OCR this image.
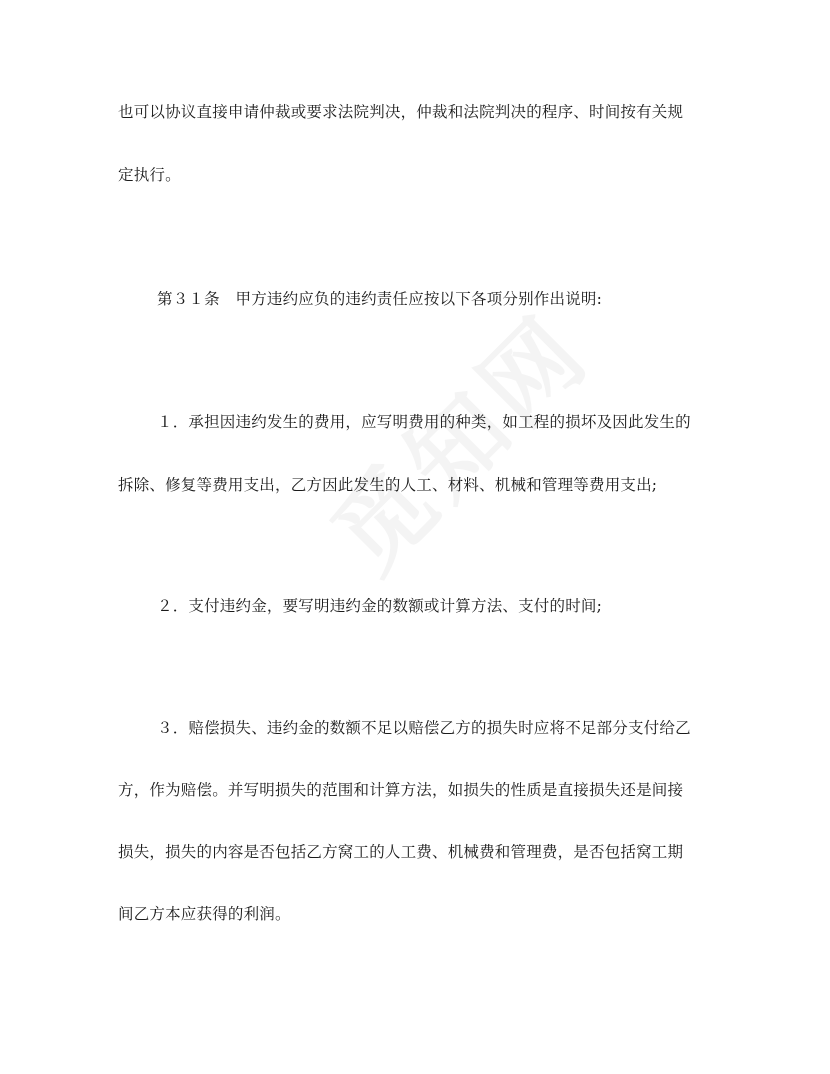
也可以协议直接申请仲裁或要求法院判决，仲裁和法院判决的程序、时间按有关规
定执行。
第３１条　甲方违约应负的违约责任应按以下各项分别作出说明:
１．承担因违约发生的费用，应写明费用的种类，如工程的损坏及因此发生的
拆除、修复等费用支出，乙方因此发生的人工、材料、机械和管理等费用支出;
２．支付违约金，要写明违约金的数额或计算方法、支付的时间;
３．赔偿损失、违约金的数额不足以赔偿乙方的损失时应将不足部分支付给乙
方，作为赔偿。并写明损失的范围和计算方法，如损失的性质是直接损失还是间接
损失，损失的内容是否包括乙方窝工的人工费、机械费和管理费，是否包括窝工期
间乙方本应获得的利润。
